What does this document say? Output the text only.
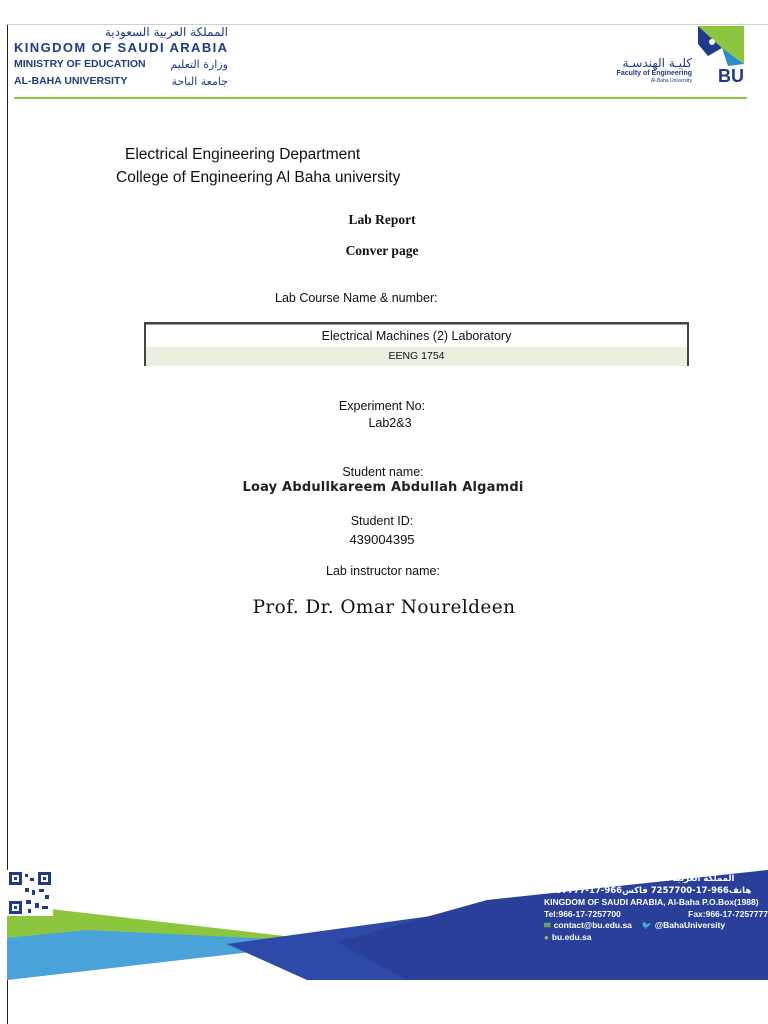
المملكة العربية السعودية
KINGDOM OF SAUDI ARABIA
MINISTRY OF EDUCATION وزارة التعليم
AL-BAHA UNIVERSITY	جامعة الباحة
كليـة الهندسـة
Faculty of Engineering
Al-Baha University BU
Electrical Engineering Department
College of Engineering Al Baha university
Lab Report
Conver page
Lab Course Name & number:
Electrical Machines (2) Laboratory
EENG 1754
Experiment No:
Lab2&3
Student name:
Loay Abdullkareem Abdullah Algamdi
Student ID:
439004395
Lab instructor name:
Prof. Dr. Omar Noureldeen
المملكة العربية السعودية، الباحة ص.ب(1988)
هاتف966-17-7257700 فاكس966-17-7257777
KINGDOM OF SAUDI ARABIA, Al-Baha P.O.Box(1988)
Tel:966-17-7257700	Fax:966-17-7257777
✉ contact@bu.edu.sa 🐦 @BahaUniversity
● bu.edu.sa
